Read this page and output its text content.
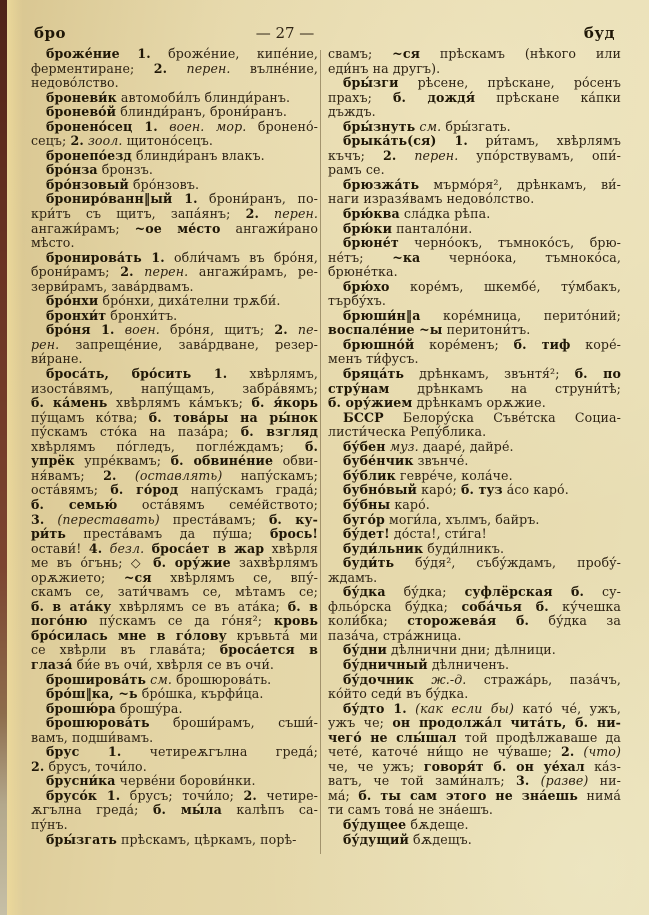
бро	— 27 —	буд
броже́ние 1. броже́ние, кипе́ние,
ферментиране; 2. перен. вълне́ние,
недово́лство.
броневи́к автомоби́лъ блинди́ранъ.
бронево́й блинди́ранъ, брони́ранъ.
бронено́сец 1. воен. мор. бронено́-
сецъ; 2. зоол. щитоно́сецъ.
бронепо́езд блинди́ранъ влакъ.
бро́нза бронзъ.
бро́нзовый бро́нзовъ.
брониро́ванн‖ый 1. брони́ранъ, по-
кри́тъ съ щитъ, запа́янъ; 2. перен.
ангажи́рамъ; ~ое ме́сто ангажи́рано
мѣсто.
бронирова́ть 1. обли́чамъ въ бро́ня,
брони́рамъ; 2. перен. ангажи́рамъ, ре-
зерви́рамъ, зава́рдвамъ.
бро́нхи бро́нхи, диха́телни трѫби́.
бронхи́т бронхи́тъ.
бро́ня 1. воен. бро́ня, щитъ; 2. пе-
рен. запреще́ние, зава́рдване, резер-
ви́ране.
броса́ть, бро́сить 1. хвѣрлямъ,
изоста́вямъ, напу́щамъ, забра́вямъ;
б. ка́мень хвѣрлямъ ка́мъкъ; б. я́корь
пу́щамъ ко́тва; б. това́ры на ры́нок
пу́скамъ сто́ка на паза́ра; б. взгляд
хвѣрлямъ по́гледъ, погле́ждамъ; б.
упрёк упре́квамъ; б. обвине́ние обви-
ня́вамъ; 2. (оставлять) напу́скамъ;
оста́вямъ; б. го́род напу́скамъ града́;
б. семью́ оста́вямъ семе́йството;
3. (переставать) преста́вамъ; б. ку-
ри́ть преста́вамъ да пу́ша; брось!
остави́! 4. безл. броса́ет в жар хвѣрля
ме въ о́гънь; ◇ б. ору́жие захвѣрлямъ
орѫжието; ~ся хвѣрлямъ се, впу́-
скамъ се, зати́чвамъ се, мѣтамъ се;
б. в ата́ку хвѣрлямъ се въ ата́ка; б. в
пого́ню пу́скамъ се да го́ня²; кровь
бро́силась мне в го́лову кръвьта́ ми
се хвѣрли въ глава́та; броса́ется в
глаза́ би́е въ очи́, хвѣрля се въ очи́.
броширова́ть см. брошюрова́ть.
бро́ш‖ка, ~ь бро́шка, кърфи́ца.
брошю́ра брошу́ра.
брошюрова́ть броши́рамъ, съши́-
вамъ, подши́вамъ.
брус 1. четиреѫгълна греда́;
2. брусъ, точи́ло.
брусни́ка черве́ни борови́нки.
брусо́к 1. брусъ; точи́ло; 2. четире-
ѫгълна греда́; б. мы́ла калѣпъ са-
пу́нъ.
бры́згать прѣскамъ, цѣркамъ, порѣ-
свамъ; ~ся прѣскамъ (нѣкого или
еди́нъ на другъ).
бры́зги рѣсене, прѣскане, ро́сенъ
прахъ; б. дождя́ прѣскане ка́пки
дъждъ.
бры́знуть см. бры́згать.
брыка́ть(ся) 1. ри́тамъ, хвѣрлямъ
къчъ; 2. перен. упо́рствувамъ, опи́-
рамъ се.
брюзжа́ть мърмо́ря², дрѣнкамъ, ви́-
наги изразя́вамъ недово́лство.
брю́ква сла́дка рѣпа.
брю́ки пантало́ни.
брюне́т черно́окъ, тъмноко́съ, брю-
не́тъ; ~ка черно́ока, тъмноко́са,
брюне́тка.
брю́хо коре́мъ, шкембе́, ту́мбакъ,
търбу́хъ.
брюши́н‖а коре́мница, перито́ний;
воспале́ние ~ы перитони́тъ.
брюшно́й коре́менъ; б. тиф коре́-
менъ ти́фусъ.
бряца́ть дрѣнкамъ, звънтя́²; б. по
стру́нам дрѣнкамъ на струни́тѣ;
б. ору́жием дрѣнкамъ орѫжие.
БССР Белору́ска Съве́тска Социа-
листи́ческа Репу́блика.
бу́бен муз. дааре́, дайре́.
бубе́нчик звънче́.
бу́блик гевре́че, кола́че.
бубно́вый каро́; б. туз а́со каро́.
бу́бны каро́.
буго́р моги́ла, хълмъ, байръ.
бу́дет! до́ста!, сти́га!
буди́льник буди́лникъ.
буди́ть бу́дя², събу́ждамъ, пробу́-
ждамъ.
бу́дка бу́дка; суфлёрская б. су-
фльо́рска бу́дка; соба́чья б. ку́чешка
коли́бка; сторожева́я б. бу́дка за
паза́ча, стра́жница.
бу́дни дѣлнични дни; дѣлници.
бу́дничный дѣлниченъ.
бу́дочник ж.-д. стража́рь, паза́чъ,
ко́йто седи́ въ бу́дка.
бу́дто 1. (как если бы) като́ че́, ужъ,
ужъ че; он продолжа́л чита́ть, б. ни-
чего́ не слы́шал той продѣлжаваше да
чете́, каточе́ ни́що не чу́ваше; 2. (что)
че, че ужъ; говоря́т б. он уе́хал ка́з-
ватъ, че той зами́налъ; 3. (разве) ни-
ма́; б. ты сам этого не зна́ешь нима́
ти самъ това́ не зна́ешъ.
бу́дущее бѫдеще.
бу́дущий бѫдещъ.
